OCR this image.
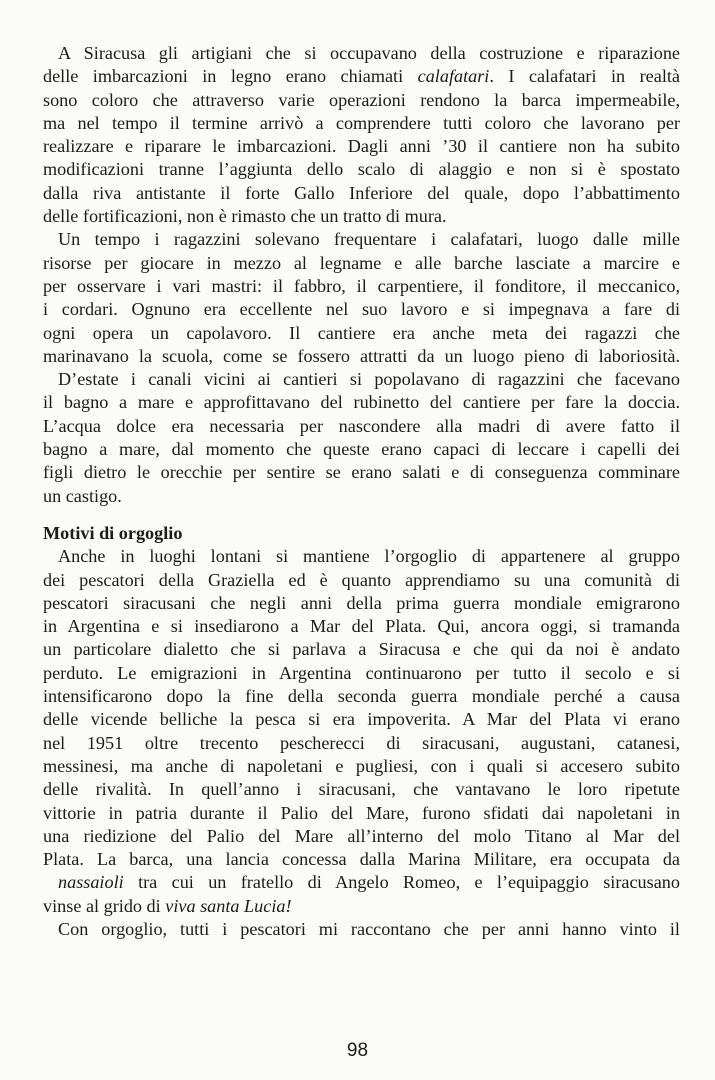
A Siracusa gli artigiani che si occupavano della costruzione e riparazione
delle imbarcazioni in legno erano chiamati calafatari. I calafatari in realtà
sono coloro che attraverso varie operazioni rendono la barca impermeabile,
ma nel tempo il termine arrivò a comprendere tutti coloro che lavorano per
realizzare e riparare le imbarcazioni. Dagli anni ’30 il cantiere non ha subito
modificazioni tranne l’aggiunta dello scalo di alaggio e non si è spostato
dalla riva antistante il forte Gallo Inferiore del quale, dopo l’abbattimento
delle fortificazioni, non è rimasto che un tratto di mura.
Un tempo i ragazzini solevano frequentare i calafatari, luogo dalle mille
risorse per giocare in mezzo al legname e alle barche lasciate a marcire e
per osservare i vari mastri: il fabbro, il carpentiere, il fonditore, il meccanico,
i cordari. Ognuno era eccellente nel suo lavoro e si impegnava a fare di
ogni opera un capolavoro. Il cantiere era anche meta dei ragazzi che
marinavano la scuola, come se fossero attratti da un luogo pieno di laboriosità.
D’estate i canali vicini ai cantieri si popolavano di ragazzini che facevano
il bagno a mare e approfittavano del rubinetto del cantiere per fare la doccia.
L’acqua dolce era necessaria per nascondere alla madri di avere fatto il
bagno a mare, dal momento che queste erano capaci di leccare i capelli dei
figli dietro le orecchie per sentire se erano salati e di conseguenza comminare
un castigo.
Motivi di orgoglio
Anche in luoghi lontani si mantiene l’orgoglio di appartenere al gruppo
dei pescatori della Graziella ed è quanto apprendiamo su una comunità di
pescatori siracusani che negli anni della prima guerra mondiale emigrarono
in Argentina e si insediarono a Mar del Plata. Qui, ancora oggi, si tramanda
un particolare dialetto che si parlava a Siracusa e che qui da noi è andato
perduto. Le emigrazioni in Argentina continuarono per tutto il secolo e si
intensificarono dopo la fine della seconda guerra mondiale perché a causa
delle vicende belliche la pesca si era impoverita. A Mar del Plata vi erano
nel 1951 oltre trecento pescherecci di siracusani, augustani, catanesi,
messinesi, ma anche di napoletani e pugliesi, con i quali si accesero subito
delle rivalità. In quell’anno i siracusani, che vantavano le loro ripetute
vittorie in patria durante il Palio del Mare, furono sfidati dai napoletani in
una riedizione del Palio del Mare all’interno del molo Titano al Mar del
Plata. La barca, una lancia concessa dalla Marina Militare, era occupata da
nassaioli tra cui un fratello di Angelo Romeo, e l’equipaggio siracusano
vinse al grido di viva santa Lucia!
Con orgoglio, tutti i pescatori mi raccontano che per anni hanno vinto il
98
